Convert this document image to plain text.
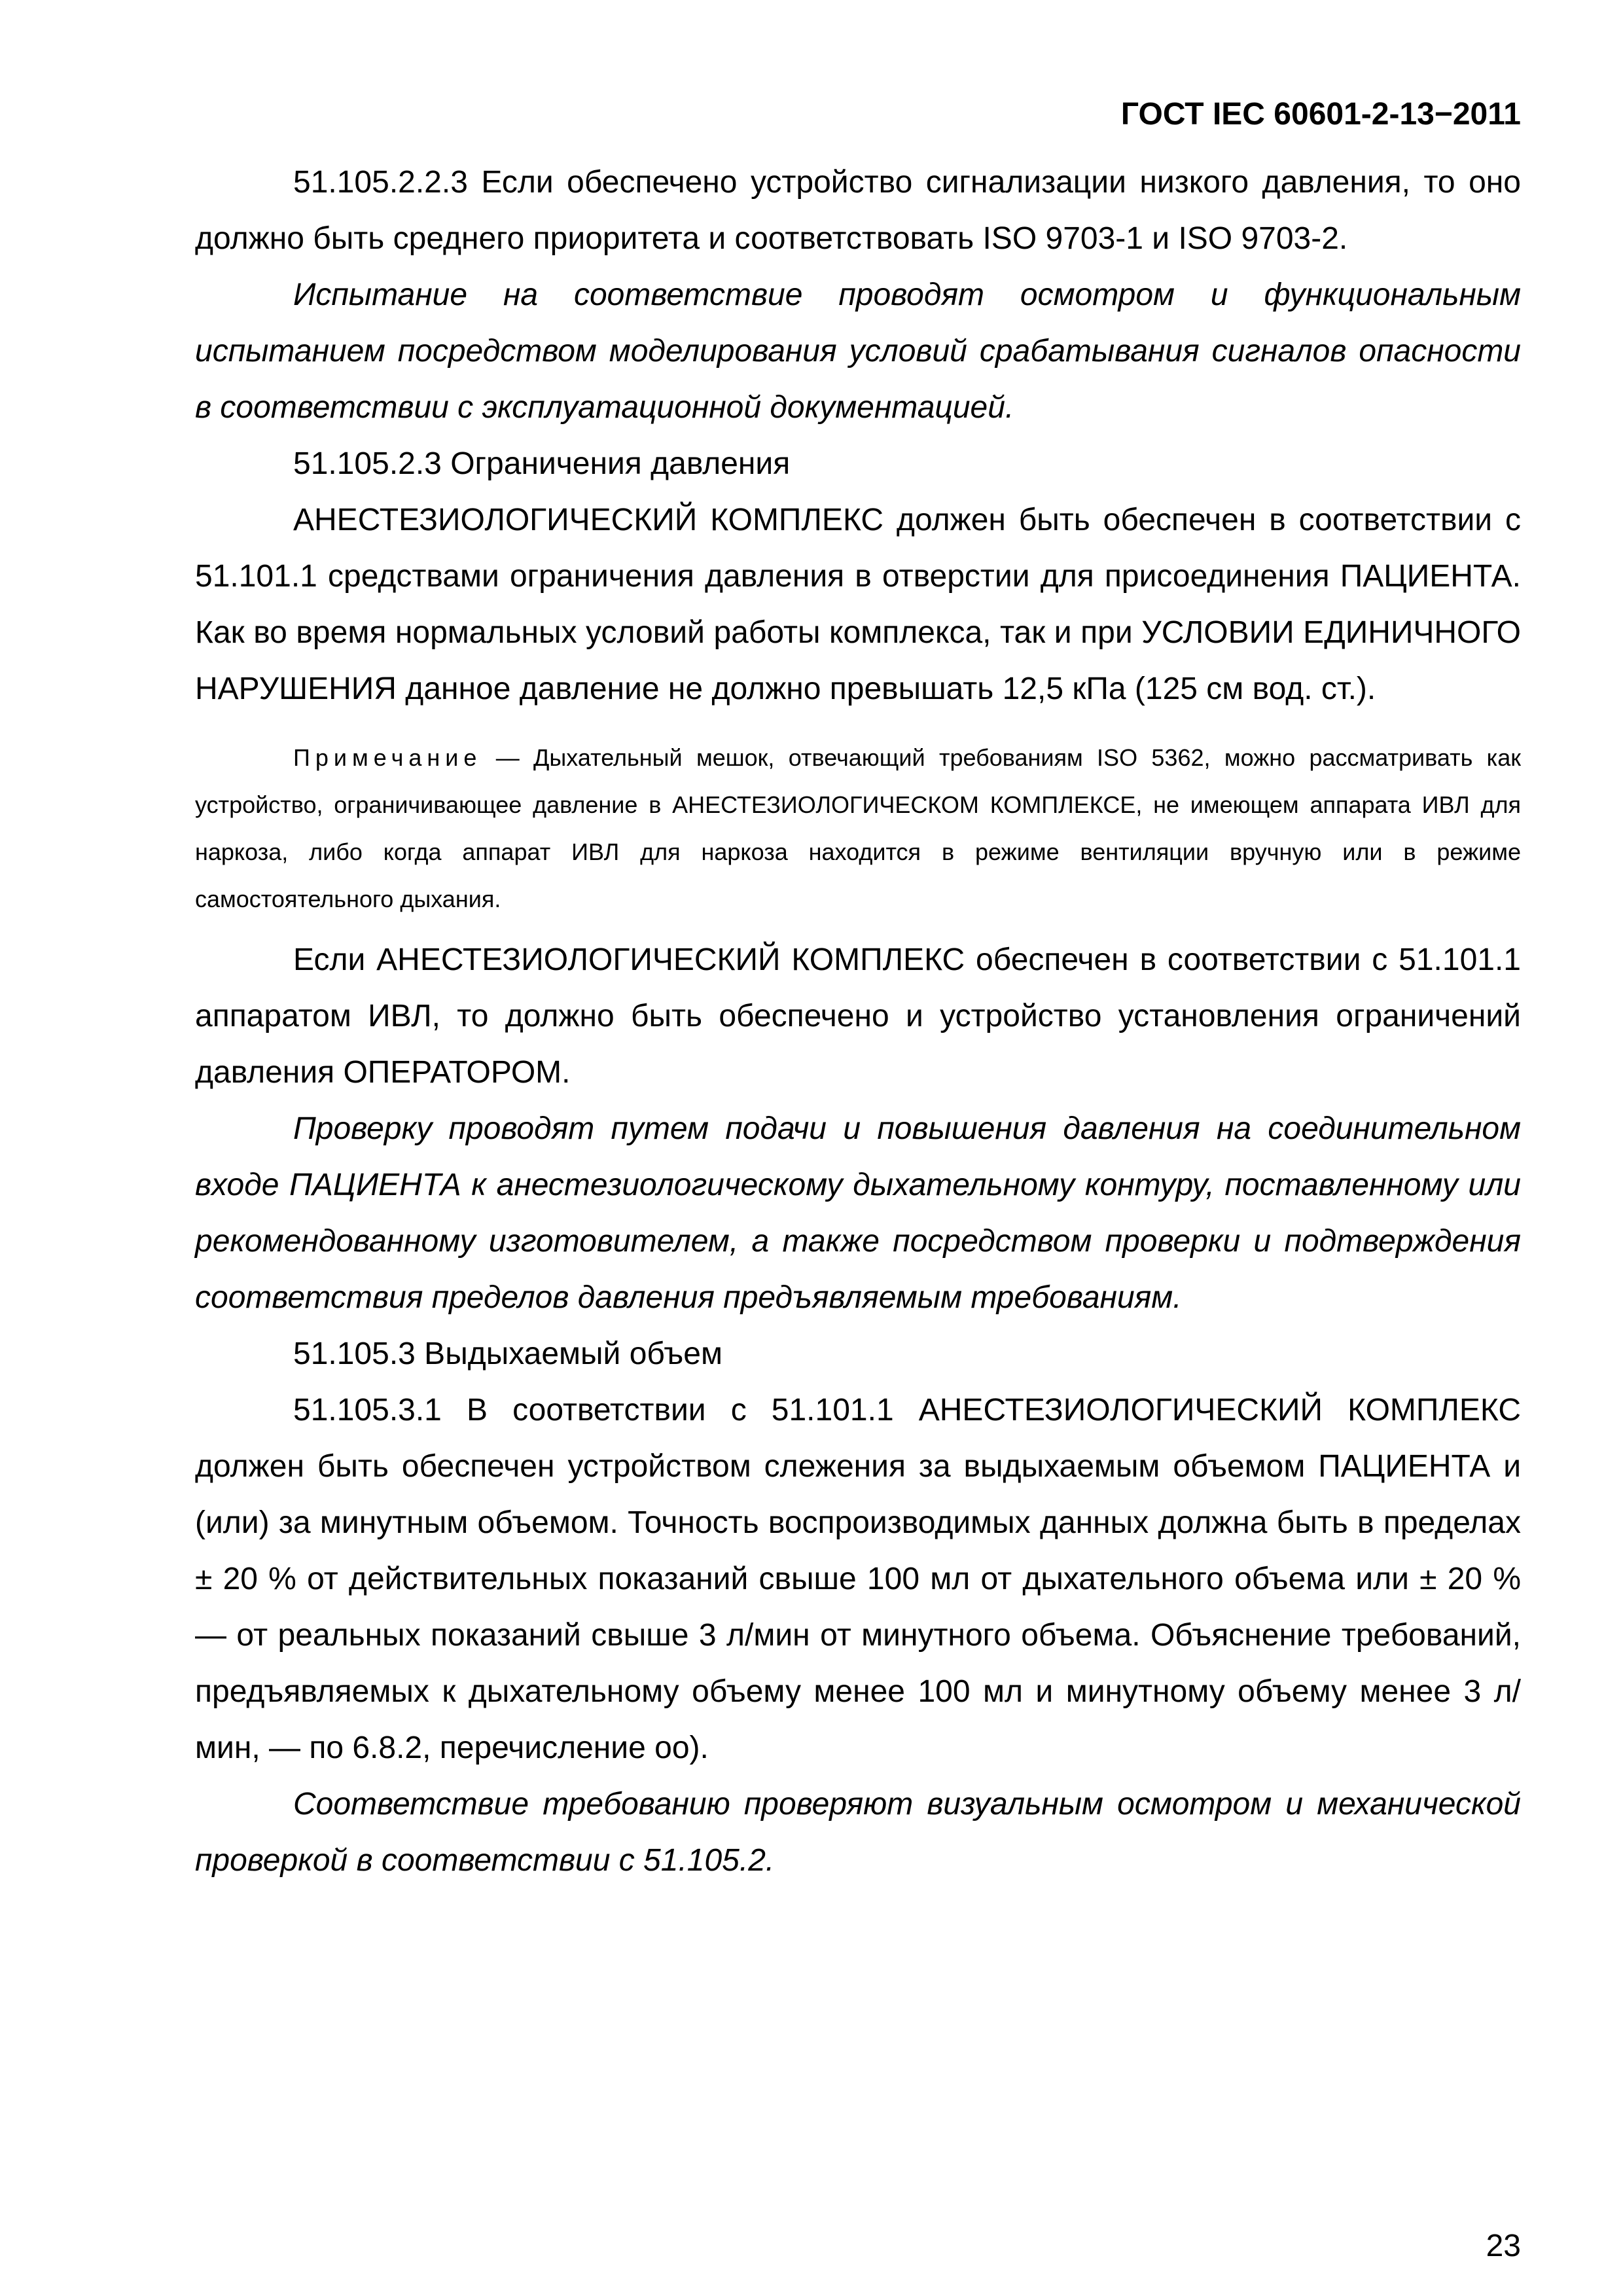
ГОСТ IEC 60601-2-13−2011

51.105.2.2.3 Если обеспечено устройство сигнализации низкого давления, то оно должно быть среднего приоритета и соответствовать ISO 9703-1 и ISO 9703-2.

Испытание на соответствие проводят осмотром и функциональным испытанием посредством моделирования условий срабатывания сигналов опасности в соответствии с эксплуатационной документацией.

51.105.2.3 Ограничения давления

АНЕСТЕЗИОЛОГИЧЕСКИЙ КОМПЛЕКС должен быть обеспечен в соответствии с 51.101.1 средствами ограничения давления в отверстии для присоединения ПАЦИЕНТА. Как во время нормальных условий работы комплекса, так и при УСЛОВИИ ЕДИНИЧНОГО НАРУШЕНИЯ данное давление не должно превышать 12,5 кПа (125 см вод. ст.).

Примечание — Дыхательный мешок, отвечающий требованиям ISO 5362, можно рассматривать как устройство, ограничивающее давление в АНЕСТЕЗИОЛОГИЧЕСКОМ КОМПЛЕКСЕ, не имеющем аппарата ИВЛ для наркоза, либо когда аппарат ИВЛ для наркоза находится в режиме вентиляции вручную или в режиме самостоятельного дыхания.

Если АНЕСТЕЗИОЛОГИЧЕСКИЙ КОМПЛЕКС обеспечен в соответствии с 51.101.1 аппаратом ИВЛ, то должно быть обеспечено и устройство установления ограничений давления ОПЕРАТОРОМ.

Проверку проводят путем подачи и повышения давления на соединительном входе ПАЦИЕНТА к анестезиологическому дыхательному контуру, поставленному или рекомендованному изготовителем, а также посредством проверки и подтверждения соответствия пределов давления предъявляемым требованиям.

51.105.3 Выдыхаемый объем

51.105.3.1 В соответствии с 51.101.1 АНЕСТЕЗИОЛОГИЧЕСКИЙ КОМПЛЕКС должен быть обеспечен устройством слежения за выдыхаемым объемом ПАЦИЕНТА и (или) за минутным объемом. Точность воспроизводимых данных должна быть в пределах ± 20 % от действительных показаний свыше 100 мл от дыхательного объема или ± 20 % — от реальных показаний свыше 3 л/мин от минутного объема. Объяснение требований, предъявляемых к дыхательному объему менее 100 мл и минутному объему менее 3 л/мин, — по 6.8.2, перечисление оо).

Соответствие требованию проверяют визуальным осмотром и механической проверкой в соответствии с 51.105.2.

23
